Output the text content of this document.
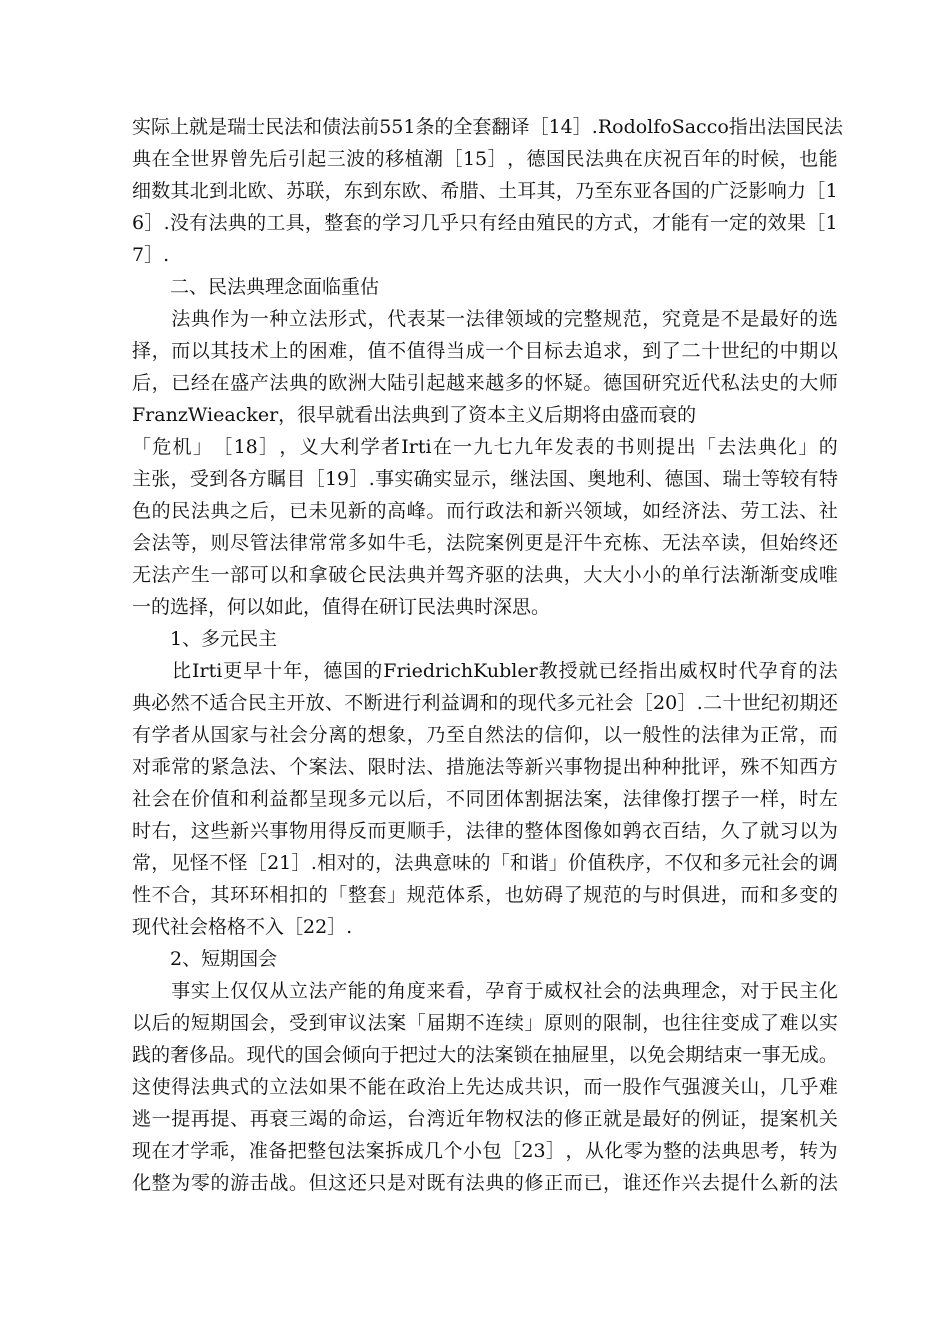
实 际 上 就 是 瑞 士 民 法 和 债 法 前 551 条 的 全 套 翻 译 ［ 14 ］ .RodolfoSacco 指 出 法 国 民 法
典 在 全 世 界 曾 先 后 引 起 三 波 的 移 植 潮 ［ 15 ］ ， 德 国 民 法 典 在 庆 祝 百 年 的 时 候 ， 也 能
细 数 其 北 到 北 欧 、 苏 联 ， 东 到 东 欧 、 希 腊 、 土 耳 其 ， 乃 至 东 亚 各 国 的 广 泛 影 响 力 ［ 1
6 ］ . 没 有 法 典 的 工 具 ， 整 套 的 学 习 几 乎 只 有 经 由 殖 民 的 方 式 ， 才 能 有 一 定 的 效 果 ［ 1
7］.
　　二、民法典理念面临重估

法 典 作 为 一 种 立 法 形 式 ， 代 表 某 一 法 律 领 域 的 完 整 规 范 ， 究 竟 是 不 是 最 好 的 选
择 ， 而 以 其 技 术 上 的 困 难 ， 值 不 值 得 当 成 一 个 目 标 去 追 求 ， 到 了 二 十 世 纪 的 中 期 以
后 ， 已 经 在 盛 产 法 典 的 欧 洲 大 陆 引 起 越 来 越 多 的 怀 疑 。 德 国 研 究 近 代 私 法 史 的 大 师
FranzWieacker，很早就看出法典到了资本主义后期将由盛而衰的
「 危 机 」 ［ 18 ］ ， 义 大 利 学 者 Irti 在 一 九 七 九 年 发 表 的 书 则 提 出 「 去 法 典 化 」 的
主 张 ， 受 到 各 方 瞩 目 ［ 19 ］ . 事 实 确 实 显 示 ， 继 法 国 、 奥 地 利 、 德 国 、 瑞 士 等 较 有 特
色 的 民 法 典 之 后 ， 已 未 见 新 的 高 峰 。 而 行 政 法 和 新 兴 领 域 ， 如 经 济 法 、 劳 工 法 、 社
会 法 等 ， 则 尽 管 法 律 常 常 多 如 牛 毛 ， 法 院 案 例 更 是 汗 牛 充 栋 、 无 法 卒 读 ， 但 始 终 还
无 法 产 生 一 部 可 以 和 拿 破 仑 民 法 典 并 驾 齐 驱 的 法 典 ， 大 大 小 小 的 单 行 法 渐 渐 变 成 唯
一的选择，何以如此，值得在研订民法典时深思。
　　1、多元民主

比 Irti 更 早 十 年 ， 德 国 的 FriedrichKubler 教 授 就 已 经 指 出 威 权 时 代 孕 育 的 法
典 必 然 不 适 合 民 主 开 放 、 不 断 进 行 利 益 调 和 的 现 代 多 元 社 会 ［ 20 ］ . 二 十 世 纪 初 期 还
有 学 者 从 国 家 与 社 会 分 离 的 想 象 ， 乃 至 自 然 法 的 信 仰 ， 以 一 般 性 的 法 律 为 正 常 ， 而
对 乖 常 的 紧 急 法 、 个 案 法 、 限 时 法 、 措 施 法 等 新 兴 事 物 提 出 种 种 批 评 ， 殊 不 知 西 方
社 会 在 价 值 和 利 益 都 呈 现 多 元 以 后 ， 不 同 团 体 割 据 法 案 ， 法 律 像 打 摆 子 一 样 ， 时 左
时 右 ， 这 些 新 兴 事 物 用 得 反 而 更 顺 手 ， 法 律 的 整 体 图 像 如 鹑 衣 百 结 ， 久 了 就 习 以 为
常 ， 见 怪 不 怪 ［ 21 ］ . 相 对 的 ， 法 典 意 味 的 「 和 谐 」 价 值 秩 序 ， 不 仅 和 多 元 社 会 的 调
性 不 合 ， 其 环 环 相 扣 的 「 整 套 」 规 范 体 系 ， 也 妨 碍 了 规 范 的 与 时 俱 进 ， 而 和 多 变 的
现代社会格格不入［22］.
　　2、短期国会

事 实 上 仅 仅 从 立 法 产 能 的 角 度 来 看 ， 孕 育 于 威 权 社 会 的 法 典 理 念 ， 对 于 民 主 化
以 后 的 短 期 国 会 ， 受 到 审 议 法 案 「 届 期 不 连 续 」 原 则 的 限 制 ， 也 往 往 变 成 了 难 以 实
践 的 奢 侈 品 。 现 代 的 国 会 倾 向 于 把 过 大 的 法 案 锁 在 抽 屉 里 ， 以 免 会 期 结 束 一 事 无 成 。
这 使 得 法 典 式 的 立 法 如 果 不 能 在 政 治 上 先 达 成 共 识 ， 而 一 股 作 气 强 渡 关 山 ， 几 乎 难
逃 一 提 再 提 、 再 衰 三 竭 的 命 运 ， 台 湾 近 年 物 权 法 的 修 正 就 是 最 好 的 例 证 ， 提 案 机 关
现 在 才 学 乖 ， 准 备 把 整 包 法 案 拆 成 几 个 小 包 ［ 23 ］ ， 从 化 零 为 整 的 法 典 思 考 ， 转 为
化 整 为 零 的 游 击 战 。 但 这 还 只 是 对 既 有 法 典 的 修 正 而 已 ， 谁 还 作 兴 去 提 什 么 新 的 法
